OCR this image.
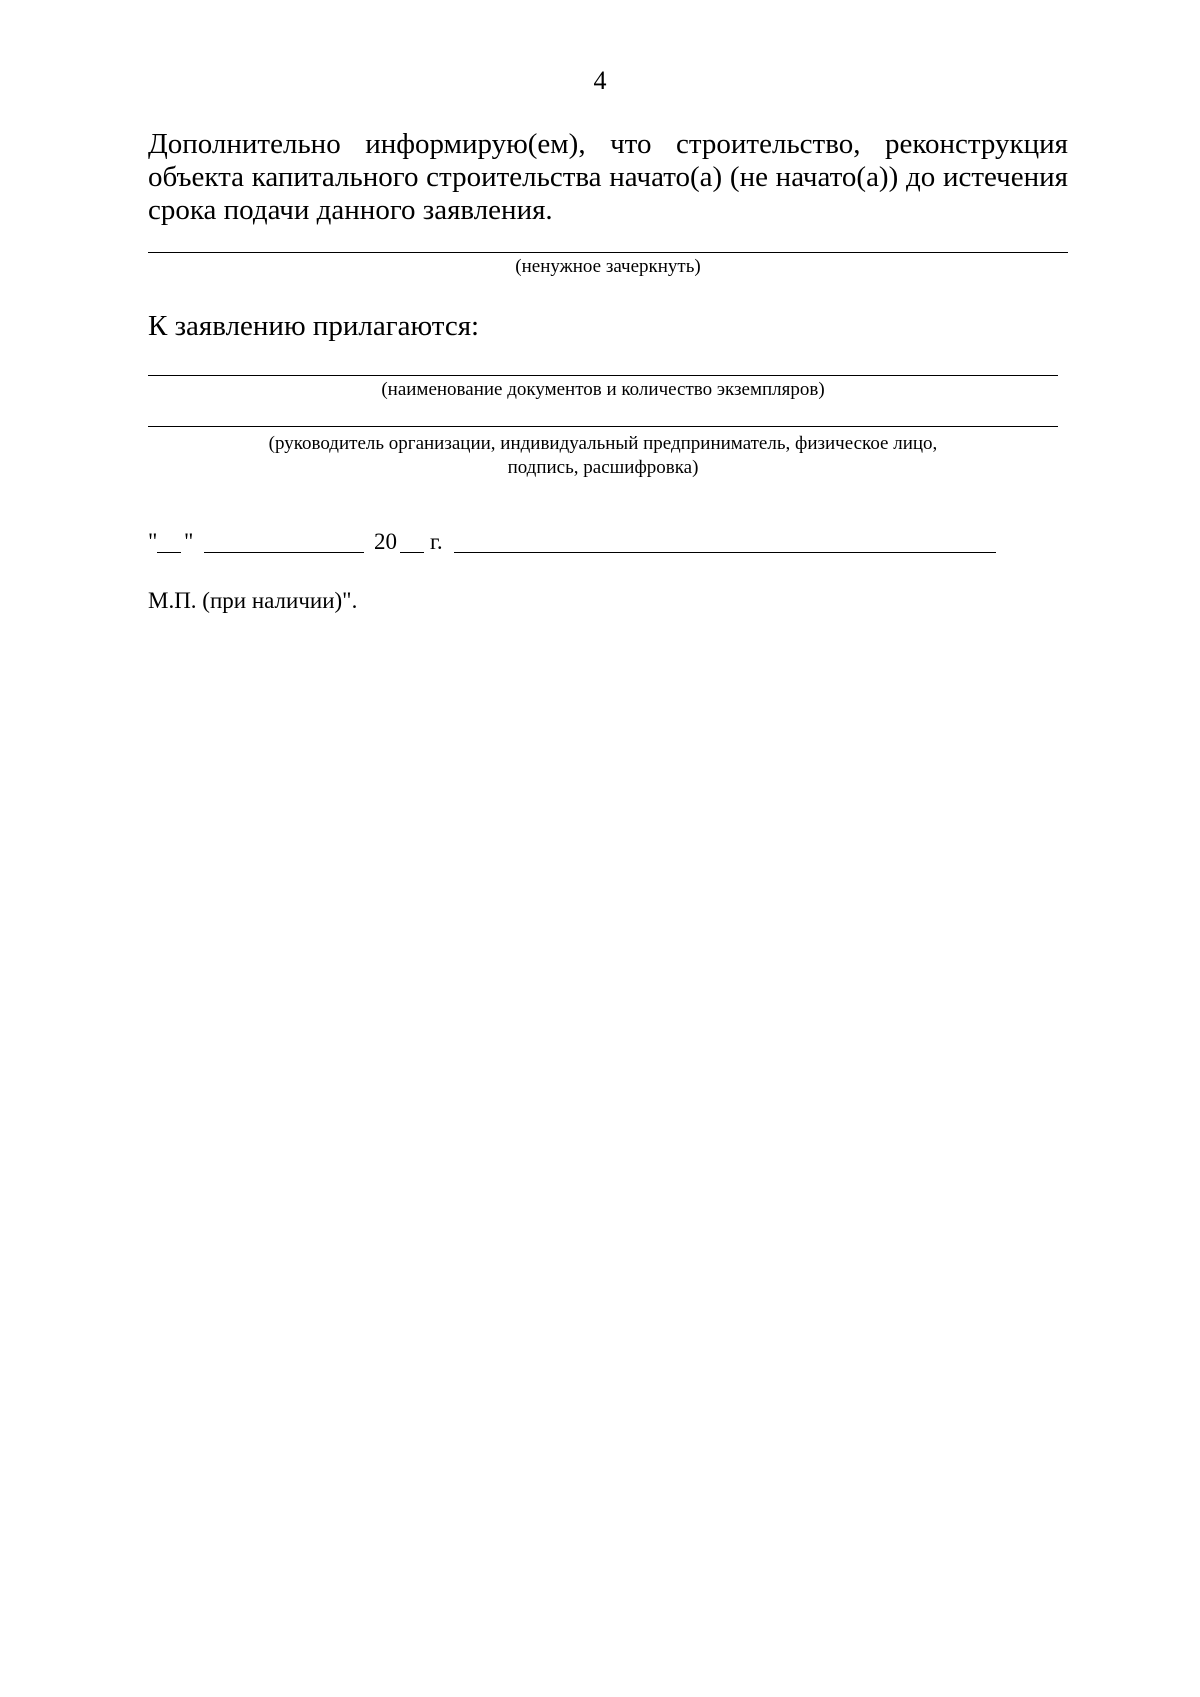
4

Дополнительно информирую(ем), что строительство, реконструкция объекта капитального строительства начато(а) (не начато(а)) до истечения срока подачи данного заявления.

(ненужное зачеркнуть)
К заявлению прилагаются:
(наименование документов и количество экземпляров)
(руководитель организации, индивидуальный предприниматель, физическое лицо,
подпись, расшифровка)
" "	20 г.
М.П. (при наличии)".
